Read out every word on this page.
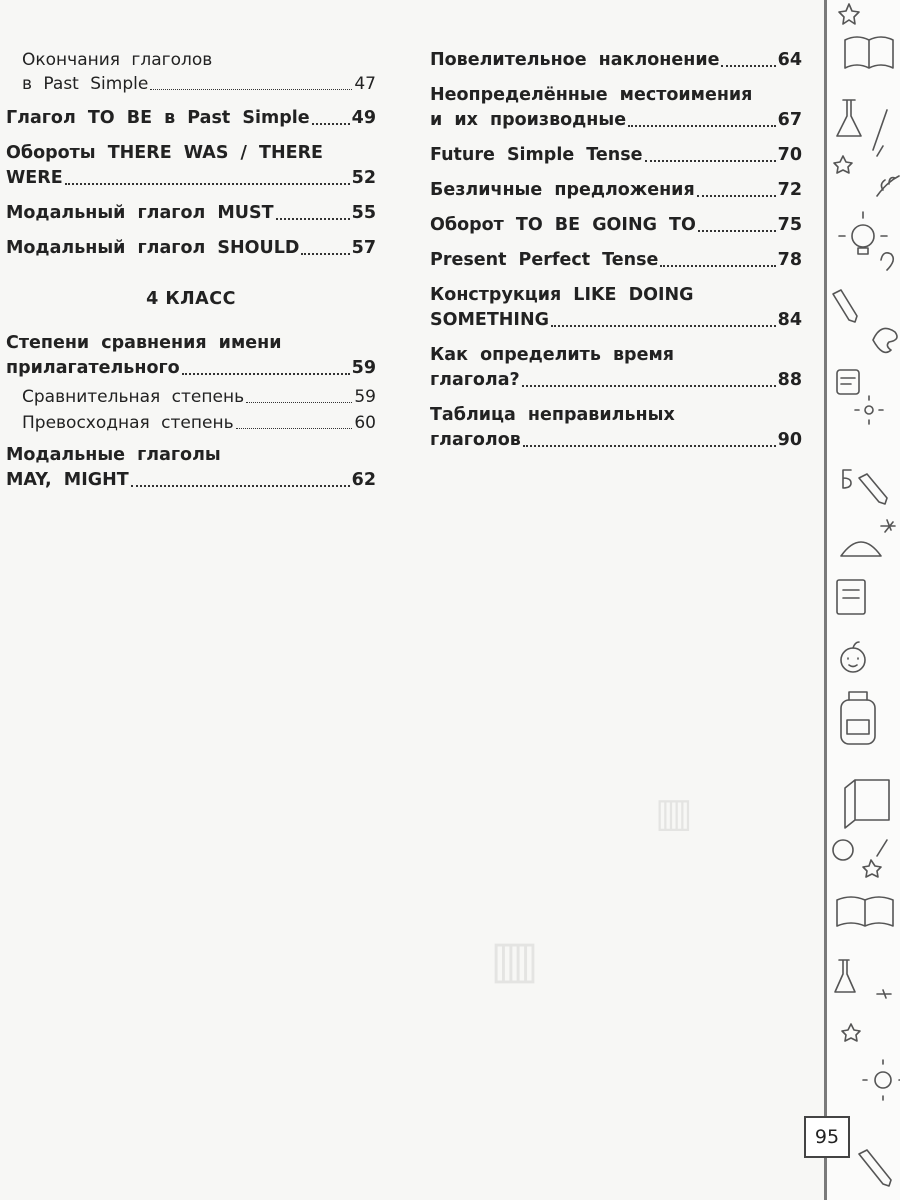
Окончания глаголов
в Past Simple	47
Глагол TO BE в Past Simple 49
Обороты THERE WAS / THERE
WERE	52
Модальный глагол MUST	55
Модальный глагол SHOULD	57
4 КЛАСС
Степени сравнения имени
прилагательного	59
Сравнительная степень	59
Превосходная степень	60
Модальные глаголы
MAY, MIGHT	62
Повелительное наклонение	64
Неопределённые местоимения
и их производные	67
Future Simple Tense	70
Безличные предложения	72
Оборот TO BE GOING TO	75
Present Perfect Tense	78
Конструкция LIKE DOING
SOMETHING	84
Как определить время
глагола?	88
Таблица неправильных
глаголов	90
▥
▥
95
